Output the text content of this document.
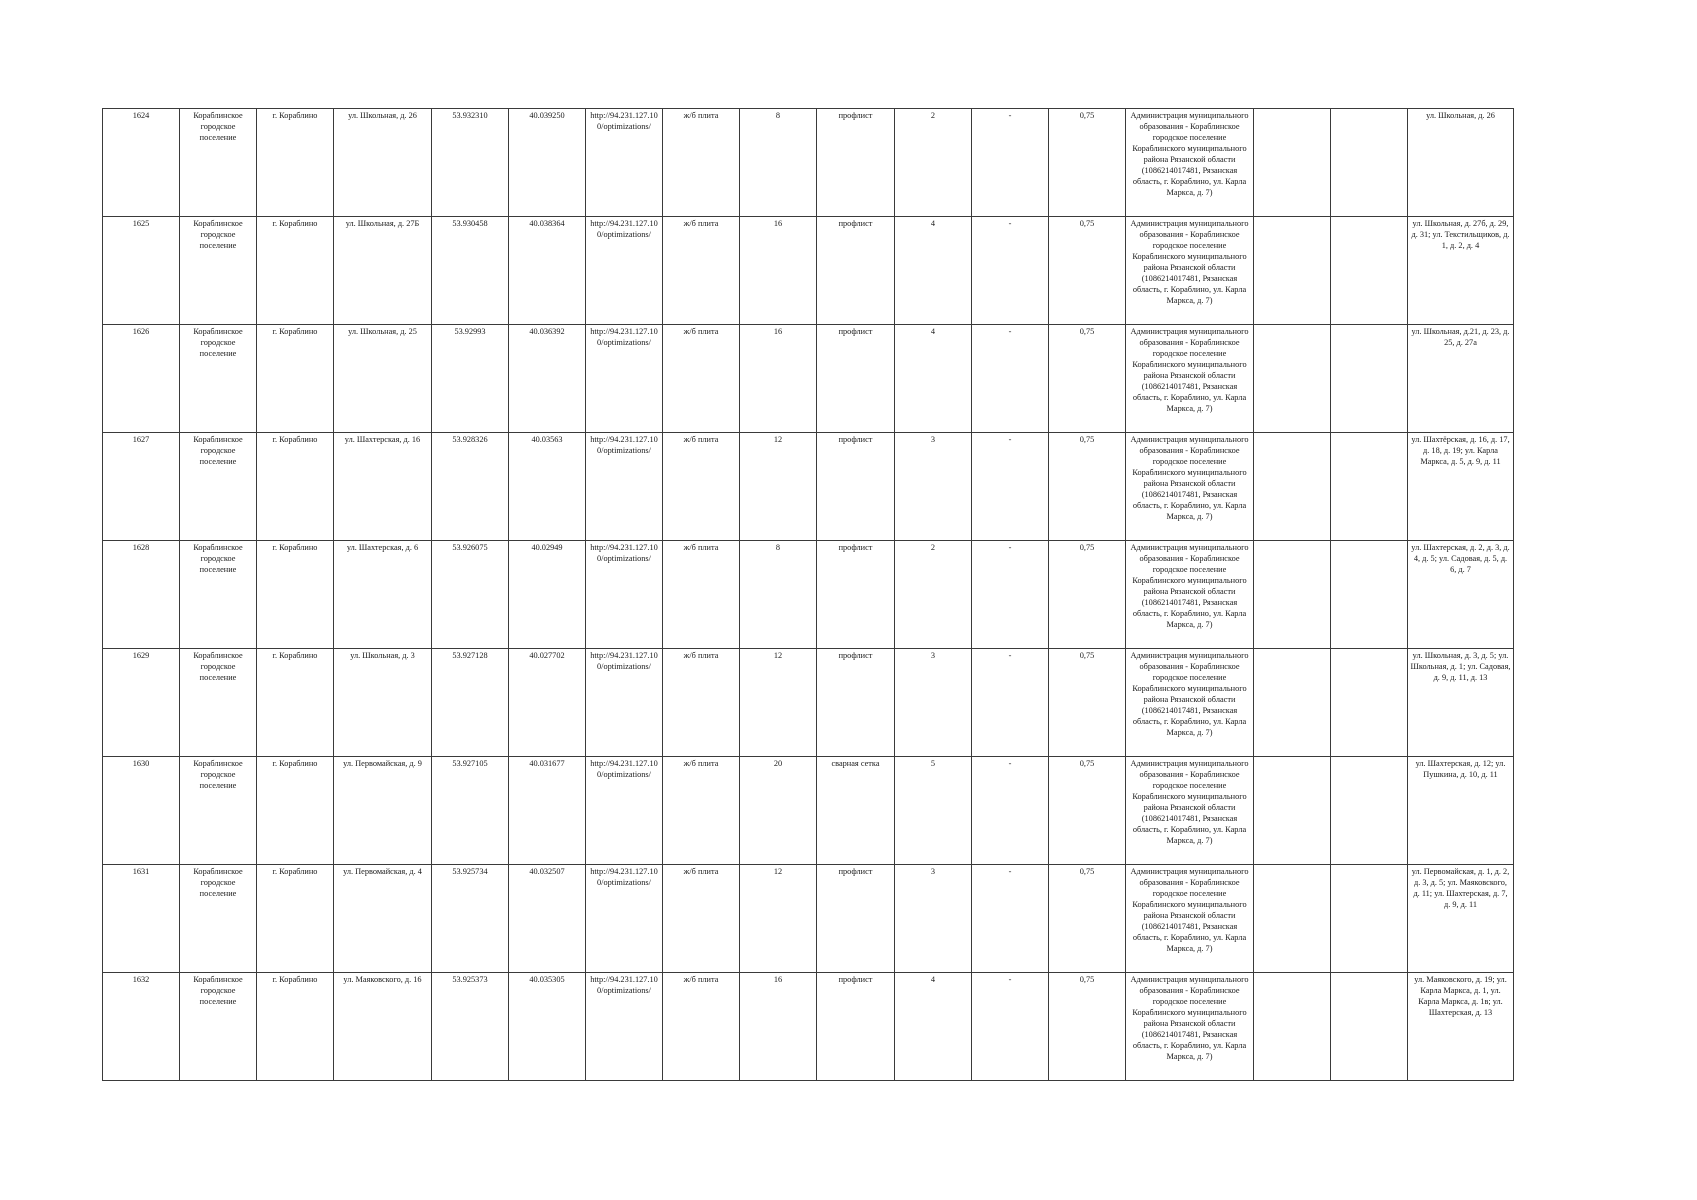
1624	Кораблинское городское поселение	г. Кораблино	ул. Школьная, д. 26	53.932310	40.039250	http://94.231.127.10 0/optimizations/	ж/б плита	8	профлист	2	-	0,75	Администрация муниципального образования - Кораблинское городское поселение Кораблинского муниципального района Рязанской области (1086214017481, Рязанская область, г. Кораблино, ул. Карла Маркса, д. 7)			ул. Школьная, д. 26
1625	Кораблинское городское поселение	г. Кораблино	ул. Школьная, д. 27Б	53.930458	40.038364	http://94.231.127.10 0/optimizations/	ж/б плита	16	профлист	4	-	0,75	Администрация муниципального образования - Кораблинское городское поселение Кораблинского муниципального района Рязанской области (1086214017481, Рязанская область, г. Кораблино, ул. Карла Маркса, д. 7)			ул. Школьная, д. 27б, д. 29, д. 31; ул. Текстильщиков, д. 1, д. 2, д. 4
1626	Кораблинское городское поселение	г. Кораблино	ул. Школьная, д. 25	53.92993	40.036392	http://94.231.127.10 0/optimizations/	ж/б плита	16	профлист	4	-	0,75	Администрация муниципального образования - Кораблинское городское поселение Кораблинского муниципального района Рязанской области (1086214017481, Рязанская область, г. Кораблино, ул. Карла Маркса, д. 7)			ул. Школьная, д.21, д. 23, д. 25, д. 27а
1627	Кораблинское городское поселение	г. Кораблино	ул. Шахтерская, д. 16	53.928326	40.03563	http://94.231.127.10 0/optimizations/	ж/б плита	12	профлист	3	-	0,75	Администрация муниципального образования - Кораблинское городское поселение Кораблинского муниципального района Рязанской области (1086214017481, Рязанская область, г. Кораблино, ул. Карла Маркса, д. 7)			ул. Шахтёрская, д. 16, д. 17, д. 18, д. 19; ул. Карла Маркса, д. 5, д. 9, д. 11
1628	Кораблинское городское поселение	г. Кораблино	ул. Шахтерская, д. 6	53.926075	40.02949	http://94.231.127.10 0/optimizations/	ж/б плита	8	профлист	2	-	0,75	Администрация муниципального образования - Кораблинское городское поселение Кораблинского муниципального района Рязанской области (1086214017481, Рязанская область, г. Кораблино, ул. Карла Маркса, д. 7)			ул. Шахтерская, д. 2, д. 3, д. 4, д. 5; ул. Садовая, д. 5, д. 6, д. 7
1629	Кораблинское городское поселение	г. Кораблино	ул. Школьная, д. 3	53.927128	40.027702	http://94.231.127.10 0/optimizations/	ж/б плита	12	профлист	3	-	0,75	Администрация муниципального образования - Кораблинское городское поселение Кораблинского муниципального района Рязанской области (1086214017481, Рязанская область, г. Кораблино, ул. Карла Маркса, д. 7)			ул. Школьная, д. 3, д. 5; ул. Школьная, д. 1; ул. Садовая, д. 9, д. 11, д. 13
1630	Кораблинское городское поселение	г. Кораблино	ул. Первомайская, д. 9	53.927105	40.031677	http://94.231.127.10 0/optimizations/	ж/б плита	20	сварная сетка	5	-	0,75	Администрация муниципального образования - Кораблинское городское поселение Кораблинского муниципального района Рязанской области (1086214017481, Рязанская область, г. Кораблино, ул. Карла Маркса, д. 7)			ул. Шахтерская, д. 12; ул. Пушкина, д. 10, д. 11
1631	Кораблинское городское поселение	г. Кораблино	ул. Первомайская, д. 4	53.925734	40.032507	http://94.231.127.10 0/optimizations/	ж/б плита	12	профлист	3	-	0,75	Администрация муниципального образования - Кораблинское городское поселение Кораблинского муниципального района Рязанской области (1086214017481, Рязанская область, г. Кораблино, ул. Карла Маркса, д. 7)			ул. Первомайская, д. 1, д. 2, д. 3, д. 5; ул. Маяковского, д. 11; ул. Шахтерская, д. 7, д. 9, д. 11
1632	Кораблинское городское поселение	г. Кораблино	ул. Маяковского, д. 16	53.925373	40.035305	http://94.231.127.10 0/optimizations/	ж/б плита	16	профлист	4	-	0,75	Администрация муниципального образования - Кораблинское городское поселение Кораблинского муниципального района Рязанской области (1086214017481, Рязанская область, г. Кораблино, ул. Карла Маркса, д. 7)			ул. Маяковского, д. 19; ул. Карла Маркса, д. 1, ул. Карла Маркса, д. 1в; ул. Шахтерская, д. 13
